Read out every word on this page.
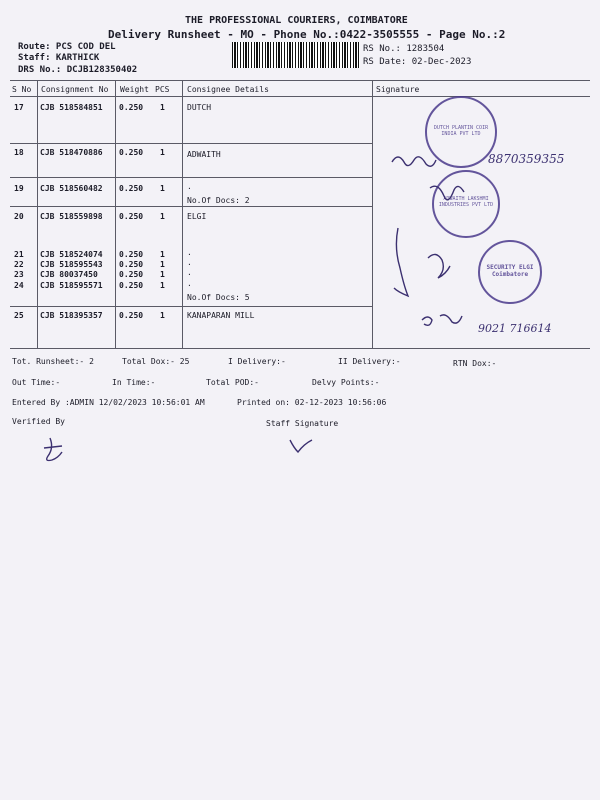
THE PROFESSIONAL COURIERS, COIMBATORE
Delivery Runsheet - MO - Phone No.:0422-3505555 - Page No.:2
Route: PCS COD DEL
Staff: KARTHICK
DRS No.: DCJB128350402
RS No.: 1283504
RS Date: 02-Dec-2023
S No Consignment No Weight PCS Consignee Details	Signature
17 CJB 518584851 0.250 1	DUTCH
18 CJB 518470886 0.250 1	ADWAITH
19 CJB 518560482 0.250 1	.
No.Of Docs: 2
20 CJB 518559898 0.250 1	ELGI
21 CJB 518524074 0.250 1	.
22 CJB 518595543 0.250 1	.
23 CJB 80037450	0.250 1	.
24 CJB 518595571 0.250 1	.
No.Of Docs: 5
25 CJB 518395357 0.250 1	KANAPARAN MILL
DUTCH PLANTIN COIR INDIA PVT LTD
ADWAITH LAKSHMI INDUSTRIES PVT LTD
SECURITY ELGI Coimbatore
8870359355
9021 716614
Tot. Runsheet:- 2	Total Dox:- 25	I Delivery:-	II Delivery:-	RTN Dox:-
Out Time:-	In Time:-	Total POD:-	Delvy Points:-
Entered By :ADMIN 12/02/2023 10:56:01 AM	Printed on: 02-12-2023 10:56:06
Verified By	Staff Signature
